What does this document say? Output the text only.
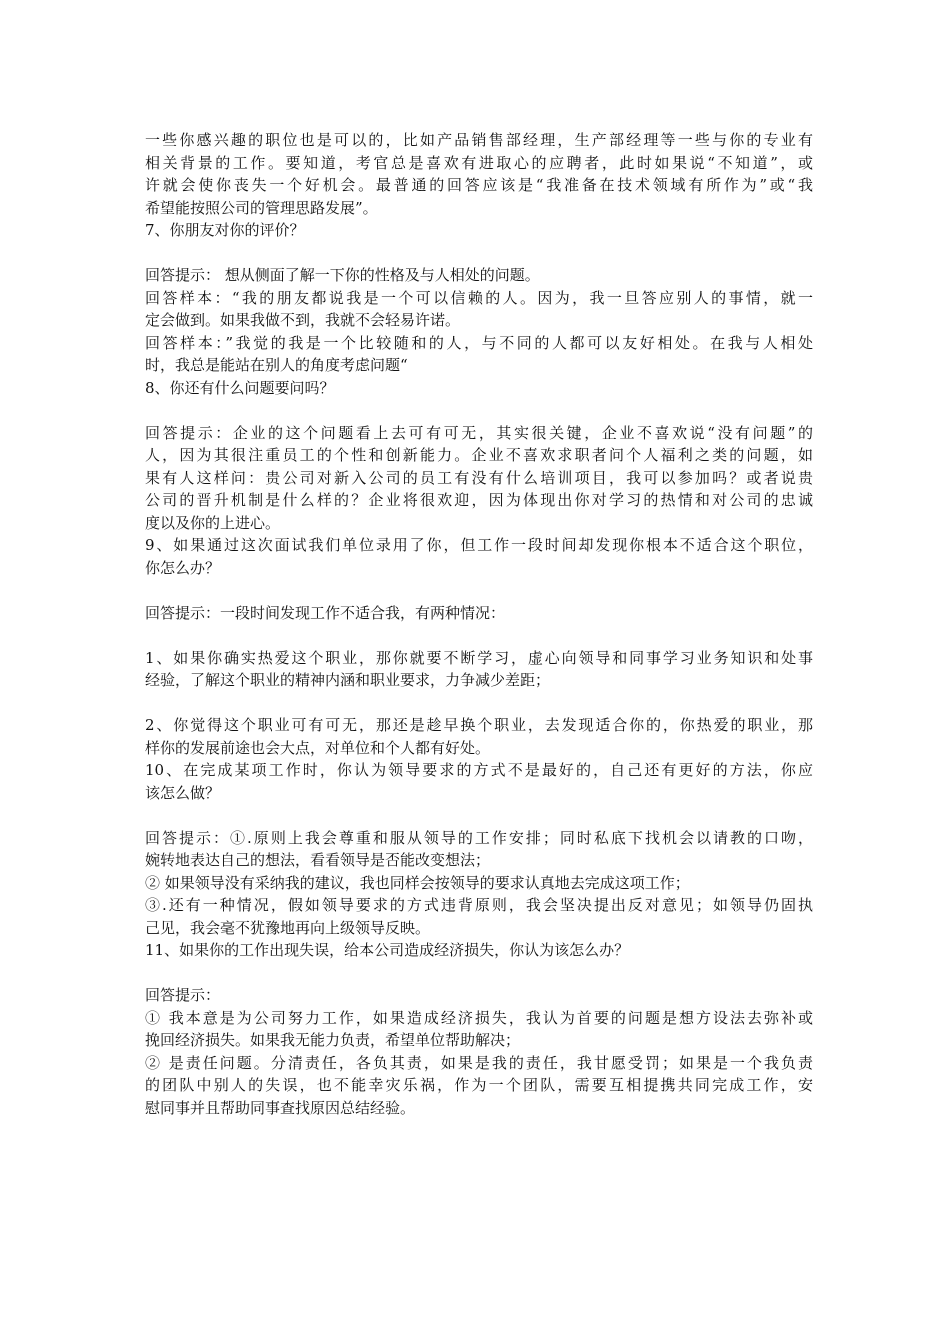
一些你感兴趣的职位也是可以的，比如产品销售部经理，生产部经理等一些与你的专业有
相关背景的工作。要知道，考官总是喜欢有进取心的应聘者，此时如果说“不知道”，或
许就会使你丧失一个好机会。最普通的回答应该是“我准备在技术领域有所作为”或“我
希望能按照公司的管理思路发展”。
7、你朋友对你的评价？
回答提示： 想从侧面了解一下你的性格及与人相处的问题。
回答样本：“我的朋友都说我是一个可以信赖的人。因为，我一旦答应别人的事情，就一
定会做到。如果我做不到，我就不会轻易许诺。
回答样本：”我觉的我是一个比较随和的人，与不同的人都可以友好相处。在我与人相处
时，我总是能站在别人的角度考虑问题“
8、你还有什么问题要问吗？
回答提示：企业的这个问题看上去可有可无，其实很关键，企业不喜欢说“没有问题”的
人，因为其很注重员工的个性和创新能力。企业不喜欢求职者问个人福利之类的问题，如
果有人这样问：贵公司对新入公司的员工有没有什么培训项目，我可以参加吗？或者说贵
公司的晋升机制是什么样的？企业将很欢迎，因为体现出你对学习的热情和对公司的忠诚
度以及你的上进心。
9、如果通过这次面试我们单位录用了你，但工作一段时间却发现你根本不适合这个职位，
你怎么办？
回答提示：一段时间发现工作不适合我，有两种情况：
1、如果你确实热爱这个职业，那你就要不断学习，虚心向领导和同事学习业务知识和处事
经验，了解这个职业的精神内涵和职业要求，力争减少差距；
2、你觉得这个职业可有可无，那还是趁早换个职业，去发现适合你的，你热爱的职业，那
样你的发展前途也会大点，对单位和个人都有好处。
10、在完成某项工作时，你认为领导要求的方式不是最好的，自己还有更好的方法，你应
该怎么做？
回答提示：①.原则上我会尊重和服从领导的工作安排；同时私底下找机会以请教的口吻，
婉转地表达自己的想法，看看领导是否能改变想法；
② 如果领导没有采纳我的建议，我也同样会按领导的要求认真地去完成这项工作；
③.还有一种情况，假如领导要求的方式违背原则，我会坚决提出反对意见；如领导仍固执
己见，我会毫不犹豫地再向上级领导反映。
11、如果你的工作出现失误，给本公司造成经济损失，你认为该怎么办？
回答提示：
① 我本意是为公司努力工作，如果造成经济损失，我认为首要的问题是想方设法去弥补或
挽回经济损失。如果我无能力负责，希望单位帮助解决；
② 是责任问题。分清责任，各负其责，如果是我的责任，我甘愿受罚；如果是一个我负责
的团队中别人的失误，也不能幸灾乐祸，作为一个团队，需要互相提携共同完成工作，安
慰同事并且帮助同事查找原因总结经验。
